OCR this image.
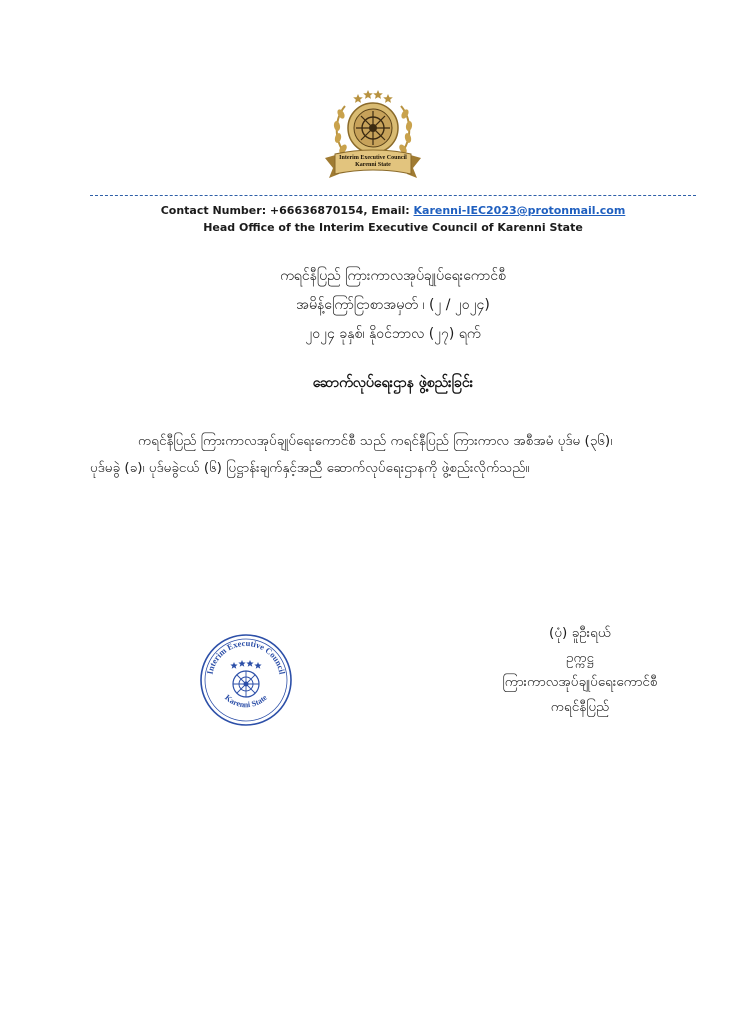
Interim Executive Council
Karenni State
Contact Number: +66636870154, Email: Karenni-IEC2023@protonmail.com
Head Office of the Interim Executive Council of Karenni State
ကရင်နီပြည် ကြားကာလအုပ်ချုပ်ရေးကောင်စီ
အမိန့်ကြော်ငြာစာအမှတ် ၊ (၂ / ၂၀၂၄)
၂၀၂၄ ခုနှစ်၊ နိုဝင်ဘာလ (၂၇) ရက်
ဆောက်လုပ်ရေးဌာန ဖွဲ့စည်းခြင်း
ကရင်နီပြည် ကြားကာလအုပ်ချုပ်ရေးကောင်စီ သည် ကရင်နီပြည် ကြားကာလ အစီအမံ ပုဒ်မ (၃၆)၊
ပုဒ်မခွဲ (ခ)၊ ပုဒ်မခွဲငယ် (၆) ပြဋ္ဌာန်းချက်နှင့်အညီ ဆောက်လုပ်ရေးဌာနကို ဖွဲ့စည်းလိုက်သည်။
Interim Executive Council
Karenni State
(ပုံ) ခူဦးရယ်
ဥက္ကဋ္ဌ
ကြားကာလအုပ်ချုပ်ရေးကောင်စီ
ကရင်နီပြည်
